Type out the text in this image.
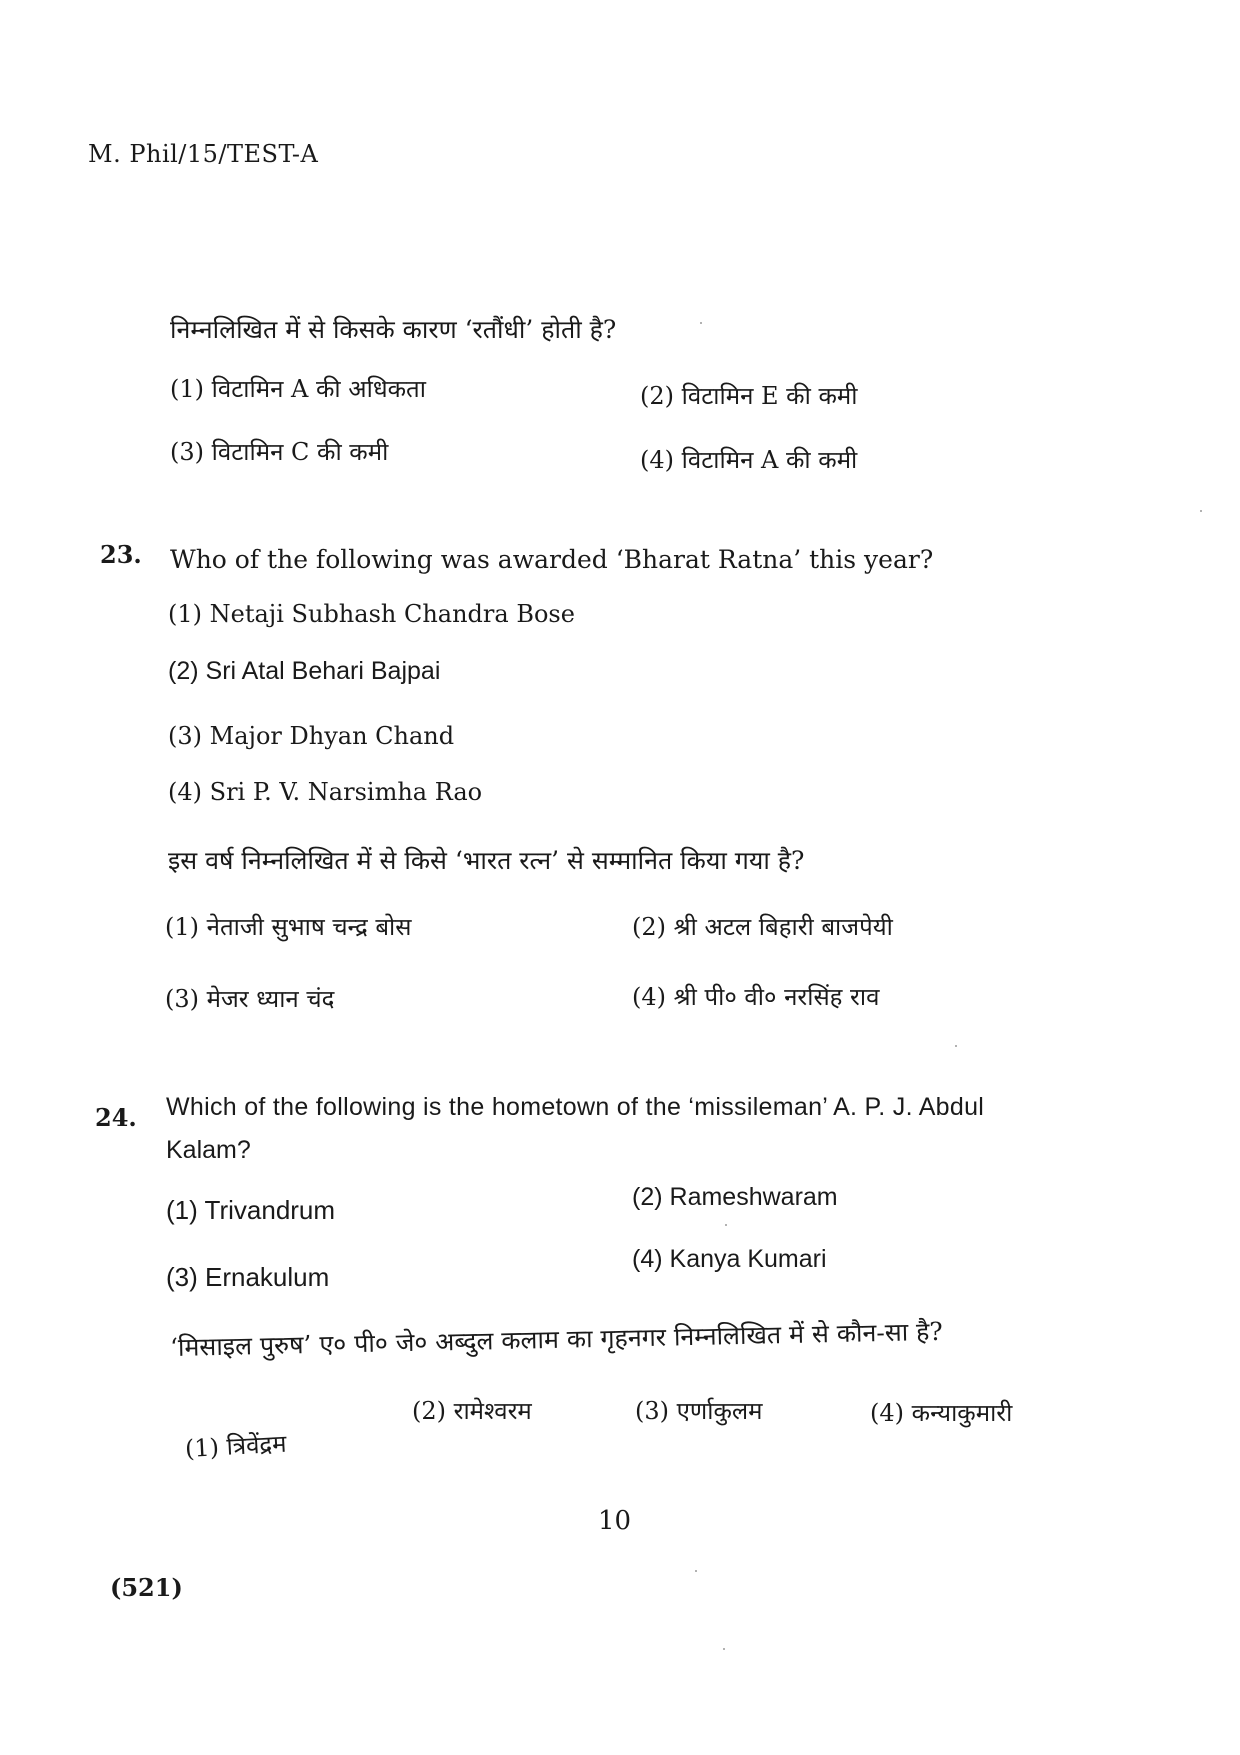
M. Phil/15/TEST-A
निम्नलिखित में से किसके कारण ‘रतौंधी’ होती है?
(1) विटामिन A की अधिकता	(2) विटामिन E की कमी
(3) विटामिन C की कमी	(4) विटामिन A की कमी
23. Who of the following was awarded ‘Bharat Ratna’ this year?
(1) Netaji Subhash Chandra Bose
(2) Sri Atal Behari Bajpai
(3) Major Dhyan Chand
(4) Sri P. V. Narsimha Rao
इस वर्ष निम्नलिखित में से किसे ‘भारत रत्न’ से सम्मानित किया गया है?
(1) नेताजी सुभाष चन्द्र बोस	(2) श्री अटल बिहारी बाजपेयी
(3) मेजर ध्यान चंद	(4) श्री पी० वी० नरसिंह राव
24. Which of the following is the hometown of the ‘missileman’ A. P. J. Abdul
Kalam?
(1) Trivandrum	(2) Rameshwaram
(3) Ernakulum
(4) Kanya Kumari
‘मिसाइल पुरुष’ ए० पी० जे० अब्दुल कलाम का गृहनगर निम्नलिखित में से कौन-सा है?
(1) त्रिवेंद्रम
(2) रामेश्वरम	(3) एर्णाकुलम	(4) कन्याकुमारी
10
(521)
